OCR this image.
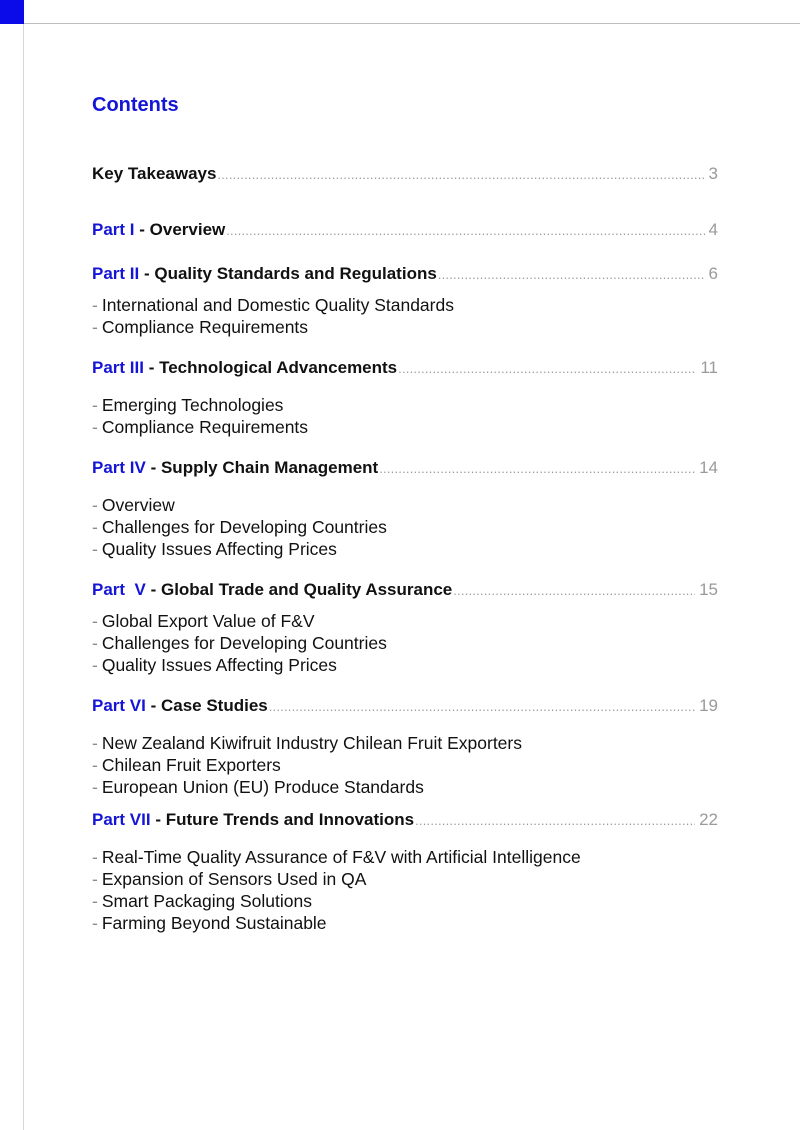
Contents
Key Takeaways .....	3
Part I - Overview .....	4
Part II - Quality Standards and Regulations .....	6
- International and Domestic Quality Standards
- Compliance Requirements
Part III - Technological Advancements .....	11
- Emerging Technologies
- Compliance Requirements
Part IV - Supply Chain Management .....	14
- Overview
- Challenges for Developing Countries
- Quality Issues Affecting Prices
Part  V - Global Trade and Quality Assurance .....	15
- Global Export Value of F&V
- Challenges for Developing Countries
- Quality Issues Affecting Prices
Part VI - Case Studies .....	19
- New Zealand Kiwifruit Industry Chilean Fruit Exporters
- Chilean Fruit Exporters
- European Union (EU) Produce Standards
Part VII - Future Trends and Innovations .....	22
- Real-Time Quality Assurance of F&V with Artificial Intelligence
- Expansion of Sensors Used in QA
- Smart Packaging Solutions
- Farming Beyond Sustainable
